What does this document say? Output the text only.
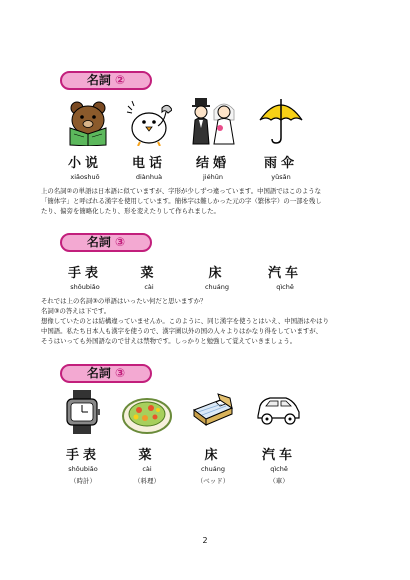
名詞 ②
小说
xiǎoshuō
电话
diànhuà
结婚
jiéhūn
雨伞
yǔsǎn
上の名詞②の単語は日本語に似ていますが、字形が少しずつ違っています。中国語ではこのような
「簡体字」と呼ばれる漢字を使用しています。簡体字は難しかった元の字（繁体字）の一部を残し
たり、偏旁を簡略化したり、形を変えたりして作られました。
名詞 ③
手表
shǒubiǎo
菜
cài
床
chuáng
汽车
qìchē
それでは上の名詞③の単語はいったい何だと思いますか？
名詞③の答えは下です。
想像していたのとは結構違っていませんか。このように、同じ漢字を使うとはいえ、中国語はやはり
中国語。私たち日本人も漢字を使うので、漢字圏以外の国の人々よりはかなり得をしていますが、
そうはいっても外国語なので甘えは禁物です。しっかりと勉強して覚えていきましょう。
名詞 ③
手表
shǒubiǎo
（時計）
菜
cài
（料理）
床
chuáng
（ベッド）
汽车
qìchē
（車）
2
